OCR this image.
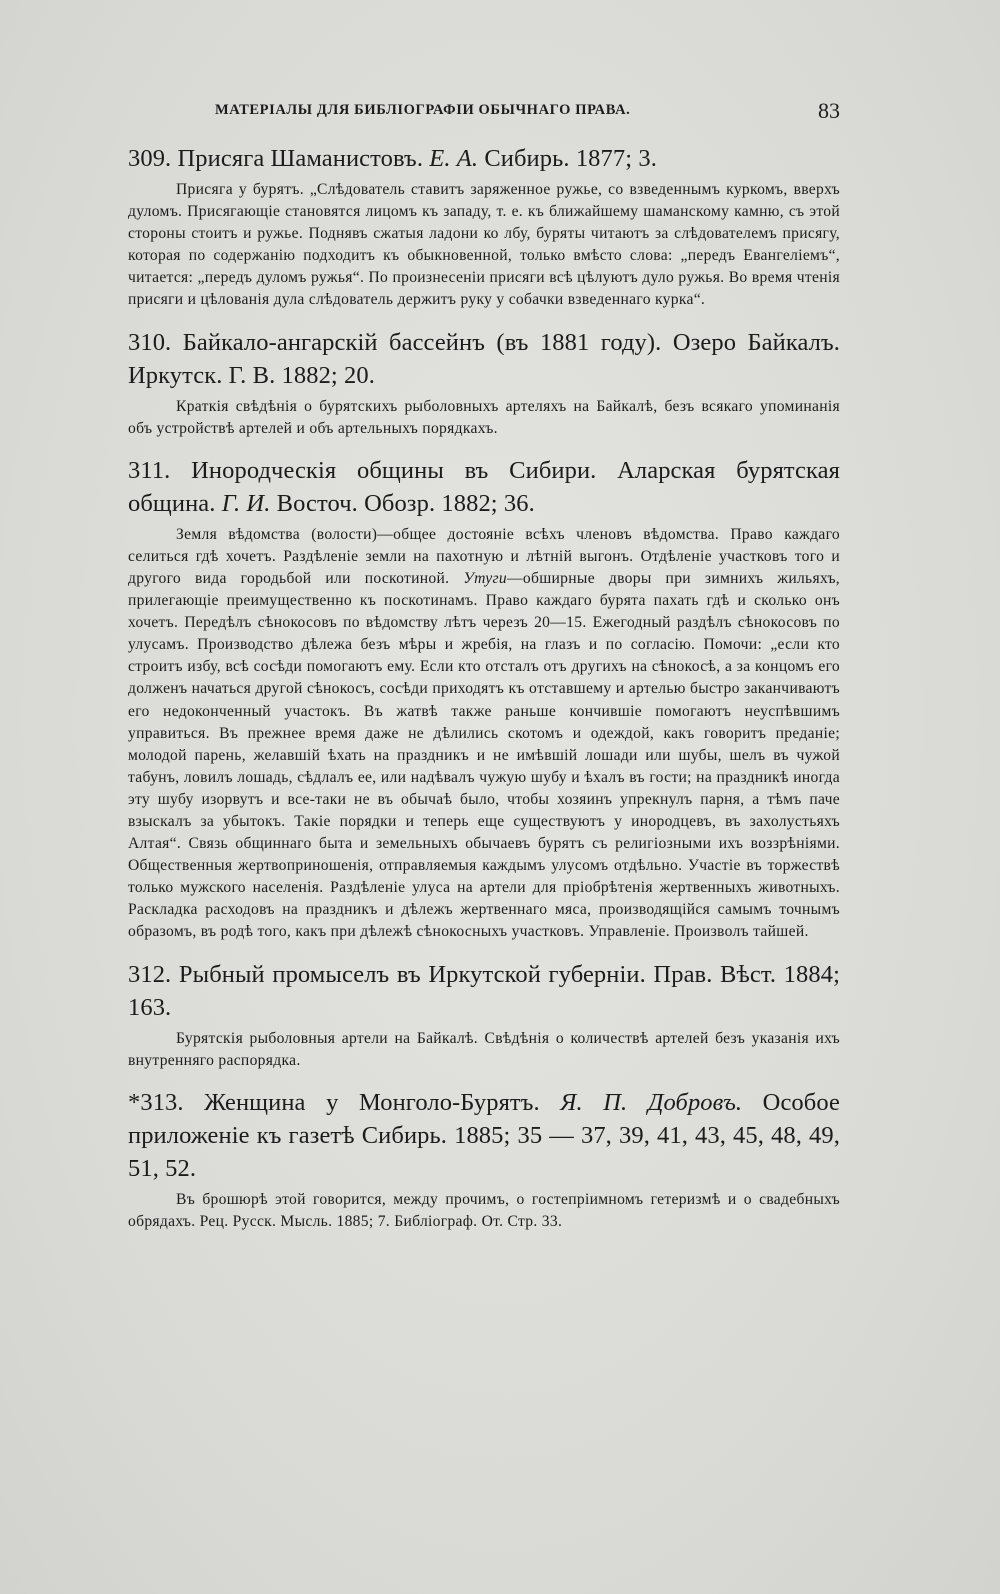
МАТЕРІАЛЫ ДЛЯ БИБЛІОГРАФІИ ОБЫЧНАГО ПРАВА.	83

309. Присяга Шаманистовъ. Е. А. Сибирь. 1877; 3.

Присяга у бурятъ. „Слѣдователь ставитъ заряженное ружье, со взведеннымъ куркомъ, вверхъ дуломъ. Присягающіе становятся лицомъ къ западу, т. е. къ ближайшему шаманскому камню, съ этой стороны стоитъ и ружье. Поднявъ сжатыя ладони ко лбу, буряты читаютъ за слѣдователемъ присягу, которая по содержанію подходитъ къ обыкновенной, только вмѣсто слова: „передъ Евангеліемъ“, читается: „передъ дуломъ ружья“. По произнесеніи присяги всѣ цѣлуютъ дуло ружья. Во время чтенія присяги и цѣлованія дула слѣдователь держитъ руку у собачки взведеннаго курка“.

310. Байкало-ангарскій бассейнъ (въ 1881 году). Озеро Байкалъ. Иркутск. Г. В. 1882; 20.

Краткія свѣдѣнія о бурятскихъ рыболовныхъ артеляхъ на Байкалѣ, безъ всякаго упоминанія объ устройствѣ артелей и объ артельныхъ порядкахъ.

311. Инородческія общины въ Сибири. Аларская бурятская община. Г. И. Восточ. Обозр. 1882; 36.

Земля вѣдомства (волости)—общее достояніе всѣхъ членовъ вѣдомства. Право каждаго селиться гдѣ хочетъ. Раздѣленіе земли на пахотную и лѣтній выгонъ. Отдѣленіе участковъ того и другого вида городьбой или поскотиной. Утуги—обширные дворы при зимнихъ жильяхъ, прилегающіе преимущественно къ поскотинамъ. Право каждаго бурята пахать гдѣ и сколько онъ хочетъ. Передѣлъ сѣнокосовъ по вѣдомству лѣтъ черезъ 20—15. Ежегодный раздѣлъ сѣнокосовъ по улусамъ. Производство дѣлежа безъ мѣры и жребія, на глазъ и по согласію. Помочи: „если кто строитъ избу, всѣ сосѣди помогаютъ ему. Если кто отсталъ отъ другихъ на сѣнокосѣ, а за концомъ его долженъ начаться другой сѣнокосъ, сосѣди приходятъ къ отставшему и артелью быстро заканчиваютъ его недоконченный участокъ. Въ жатвѣ также раньше кончившіе помогаютъ неуспѣвшимъ управиться. Въ прежнее время даже не дѣлились скотомъ и одеждой, какъ говоритъ преданіе; молодой парень, желавшій ѣхать на праздникъ и не имѣвшій лошади или шубы, шелъ въ чужой табунъ, ловилъ лошадь, сѣдлалъ ее, или надѣвалъ чужую шубу и ѣхалъ въ гости; на праздникѣ иногда эту шубу изорвутъ и все-таки не въ обычаѣ было, чтобы хозяинъ упрекнулъ парня, а тѣмъ паче взыскалъ за убытокъ. Такіе порядки и теперь еще существуютъ у инородцевъ, въ захолустьяхъ Алтая“. Связь общиннаго быта и земельныхъ обычаевъ бурятъ съ религіозными ихъ воззрѣніями. Общественныя жертвоприношенія, отправляемыя каждымъ улусомъ отдѣльно. Участіе въ торжествѣ только мужского населенія. Раздѣленіе улуса на артели для пріобрѣтенія жертвенныхъ животныхъ. Раскладка расходовъ на праздникъ и дѣлежъ жертвеннаго мяса, производящійся самымъ точнымъ образомъ, въ родѣ того, какъ при дѣлежѣ сѣнокосныхъ участковъ. Управленіе. Произволъ тайшей.

312. Рыбный промыселъ въ Иркутской губерніи. Прав. Вѣст. 1884; 163.

Бурятскія рыболовныя артели на Байкалѣ. Свѣдѣнія о количествѣ артелей безъ указанія ихъ внутренняго распорядка.

*313. Женщина у Монголо-Бурятъ. Я. П. Добровъ. Особое приложеніе къ газетѣ Сибирь. 1885; 35 — 37, 39, 41, 43, 45, 48, 49, 51, 52.

Въ брошюрѣ этой говорится, между прочимъ, о гостепріимномъ гетеризмѣ и о свадебныхъ обрядахъ. Рец. Русск. Мысль. 1885; 7. Библіограф. От. Стр. 33.
